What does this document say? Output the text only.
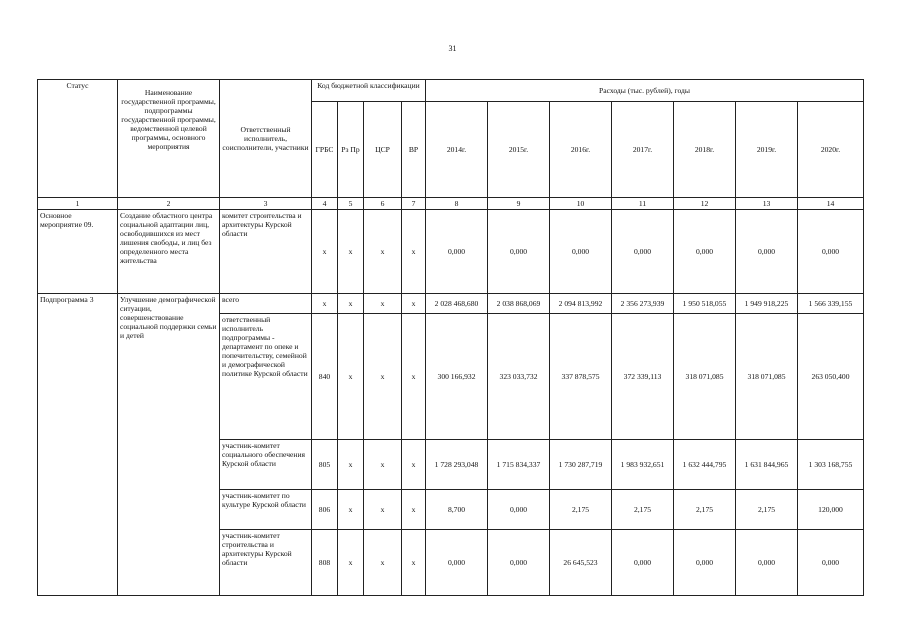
31
Статус	Наименование государственной программы, подпрограммы государственной программы, ведомственной целевой программы, основного мероприятия	Ответственный исполнитель, соисполнители, участники	Код бюджетной классификации				Расходы (тыс. рублей), годы						
			ГРБС	Рз Пр	ЦСР	ВР	2014г.	2015г.	2016г.	2017г.	2018г.	2019г.	2020г.
1	2	3	4	5	6	7	8	9	10	11	12	13	14
Основное мероприятие 09.	Создание областного центра социальной адаптации лиц, освободившихся из мест лишения свободы, и лиц без определенного места жительства	комитет строительства и архитектуры Курской области	x	x	x	x	0,000	0,000	0,000	0,000	0,000	0,000	0,000
Подпрограмма 3	Улучшение демографической ситуации, совершенствование социальной поддержки семьи и детей	всего	x	x	x	x	2 028 468,680	2 038 868,069	2 094 813,992	2 356 273,939	1 950 518,055	1 949 918,225	1 566 339,155
		ответственный исполнитель подпрограммы - департамент по опеке и попечительству, семейной и демографической политике Курской области	840	x	x	x	300 166,932	323 033,732	337 878,575	372 339,113	318 071,085	318 071,085	263 050,400
		участник-комитет социального обеспечения Курской области	805	x	x	x	1 728 293,048	1 715 834,337	1 730 287,719	1 983 932,651	1 632 444,795	1 631 844,965	1 303 168,755
		участник-комитет по культуре Курской области	806	x	x	x	8,700	0,000	2,175	2,175	2,175	2,175	120,000
		участник-комитет строительства и архитектуры Курской области	808	x	x	x	0,000	0,000	26 645,523	0,000	0,000	0,000	0,000
